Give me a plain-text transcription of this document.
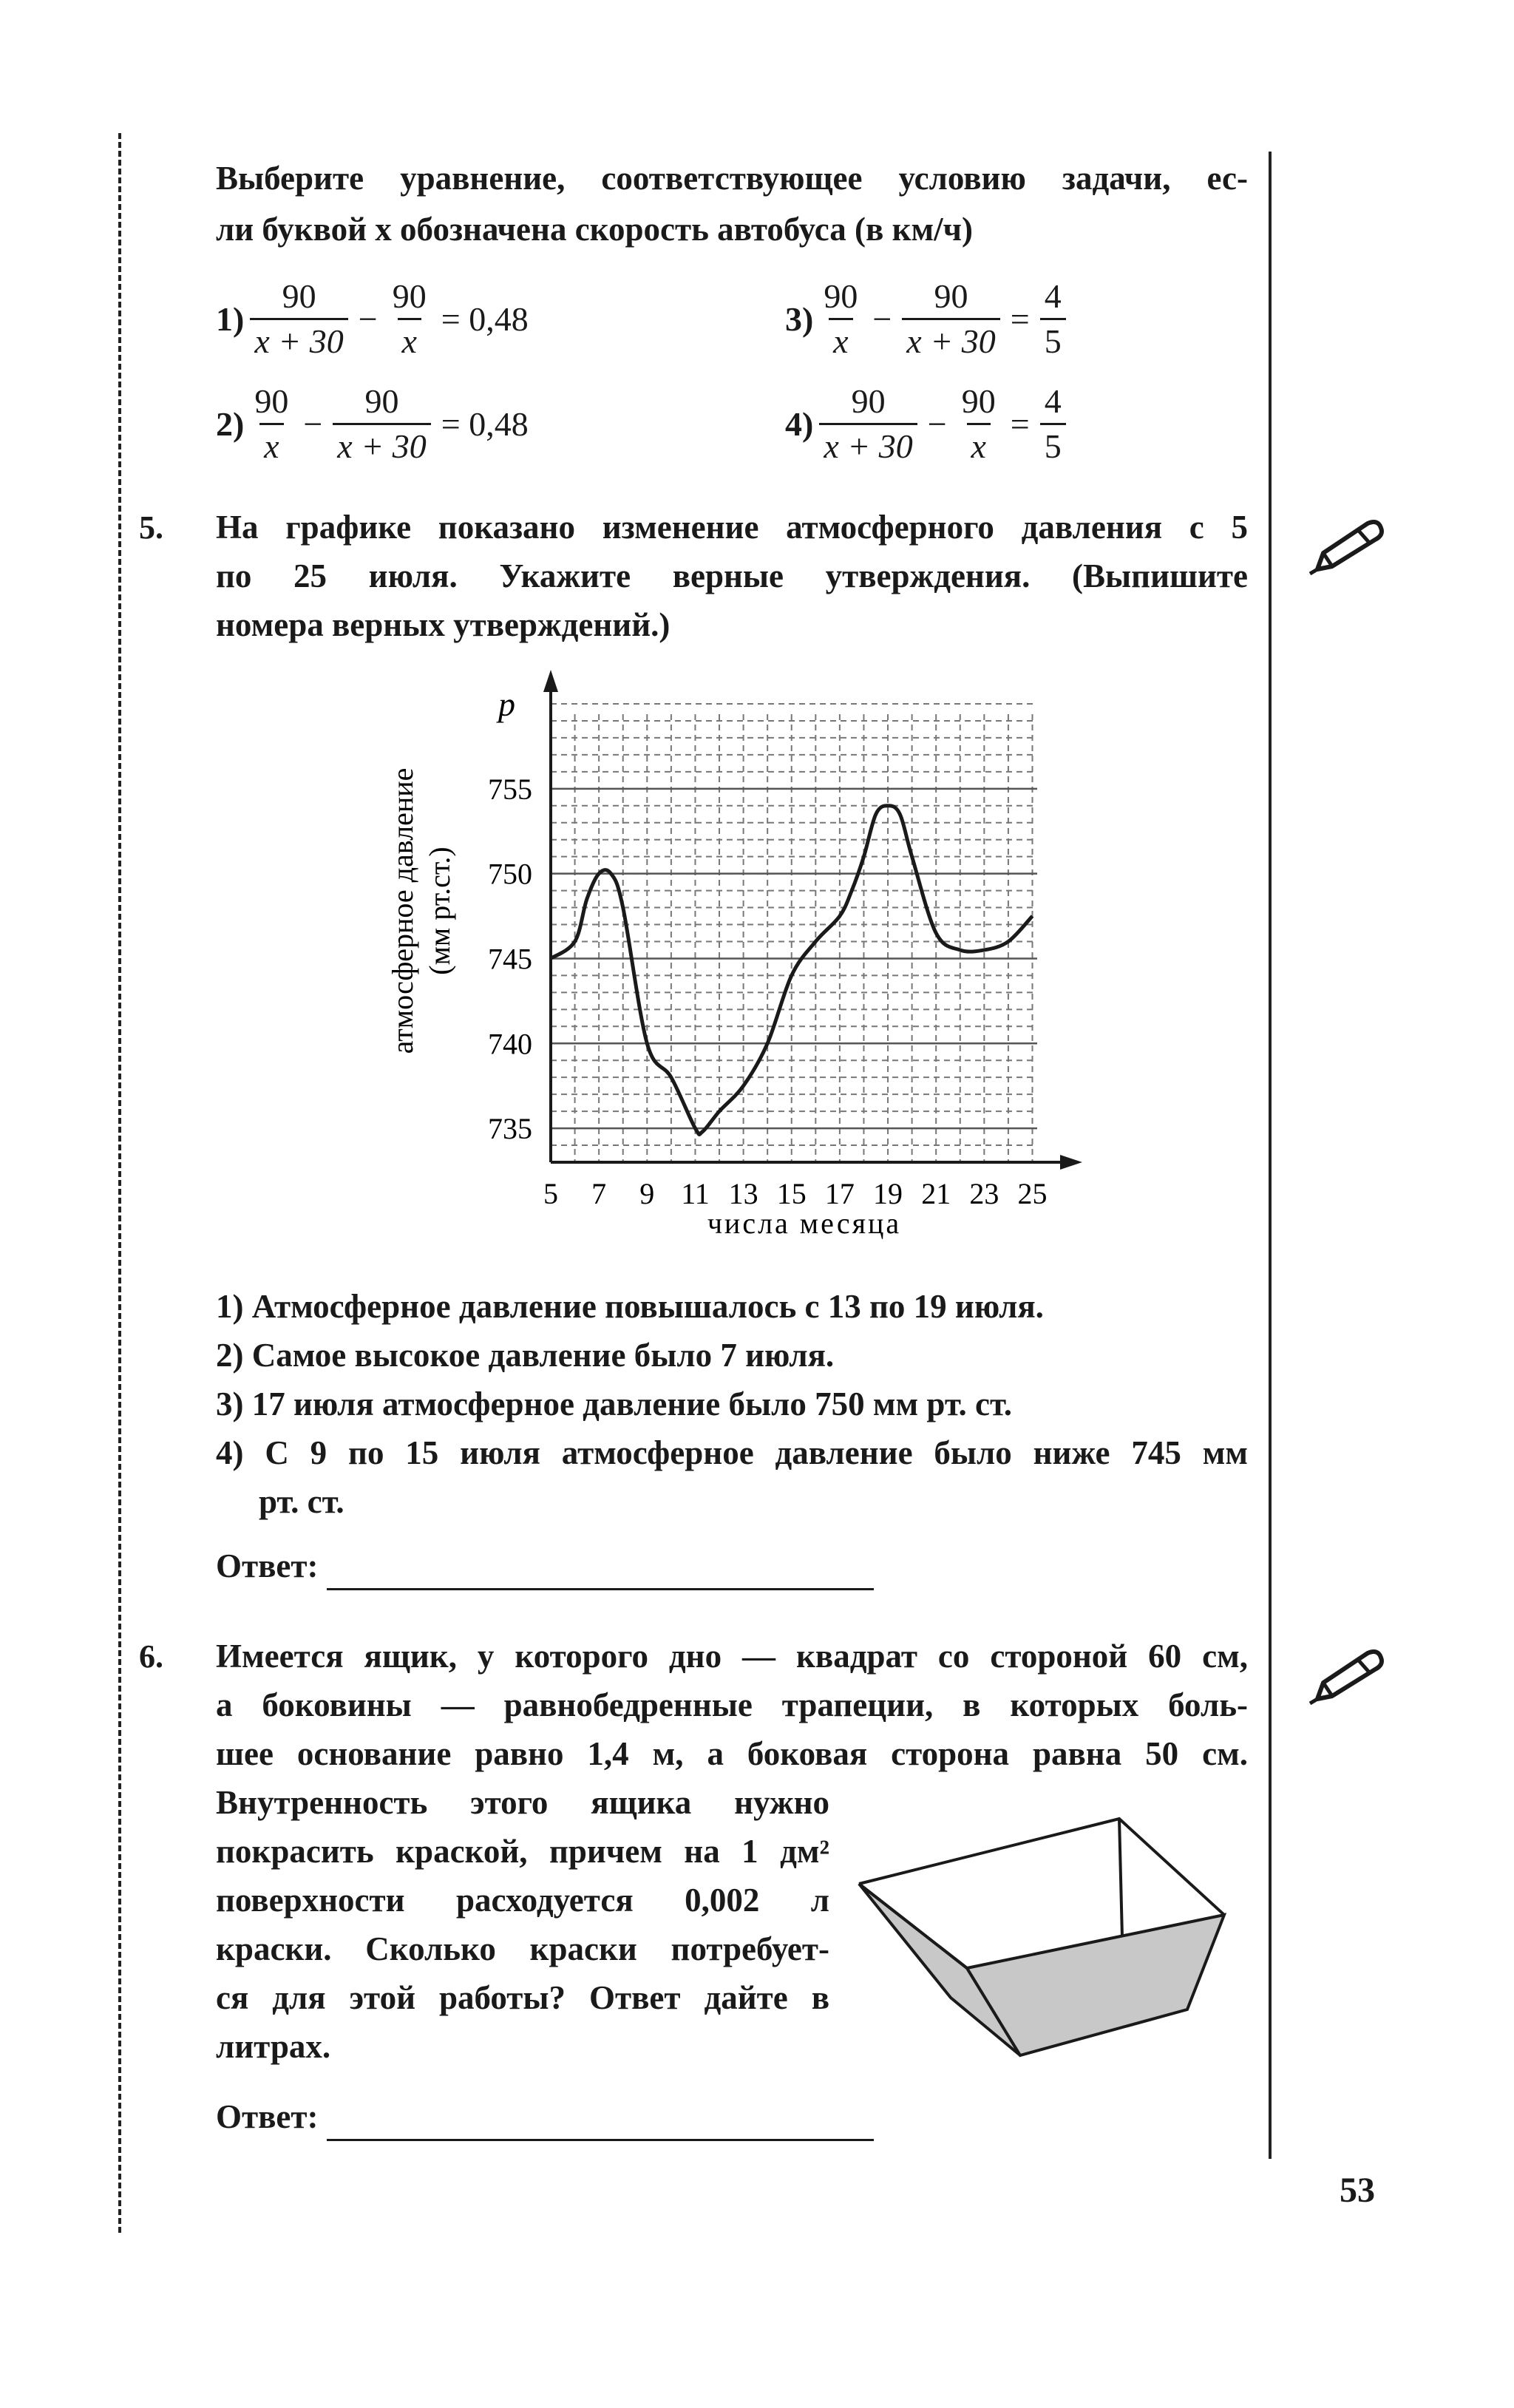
Выберите уравнение, соответствующее условию задачи, ес-
ли буквой x обозначена скорость автобуса (в км/ч)
$1) \frac{90}{x + 30} - \frac{90}{x} = 0,48$
$2) \frac{90}{x} - \frac{90}{x + 30} = 0,48$
$3) \frac{90}{x} - \frac{90}{x + 30} = \frac{4}{5}$
$4) \frac{90}{x + 30} - \frac{90}{x} = \frac{4}{5}$
5. На графике показано изменение атмосферного давления с 5
по 25 июля. Укажите верные утверждения. (Выпишите
номера верных утверждений.)
5 7 9 11 13 15 17 19 21 23 25
735
740
745
750
755
p
атмосферное давление (мм рт.ст.)
числа месяца
1) Атмосферное давление повышалось с 13 по 19 июля.
2) Самое высокое давление было 7 июля.
3) 17 июля атмосферное давление было 750 мм рт. ст.
4) С 9 по 15 июля атмосферное давление было ниже 745 мм
рт. ст.
Ответ:
6. Имеется ящик, у которого дно — квадрат со стороной 60 см,
а боковины — равнобедренные трапеции, в которых боль-
шее основание равно 1,4 м, а боковая сторона равна 50 см.
Внутренность этого ящика нужно
покрасить краской, причем на 1 дм²
поверхности расходуется 0,002 л
краски. Сколько краски потребует-
ся для этой работы? Ответ дайте в
литрах.
Ответ:
53
